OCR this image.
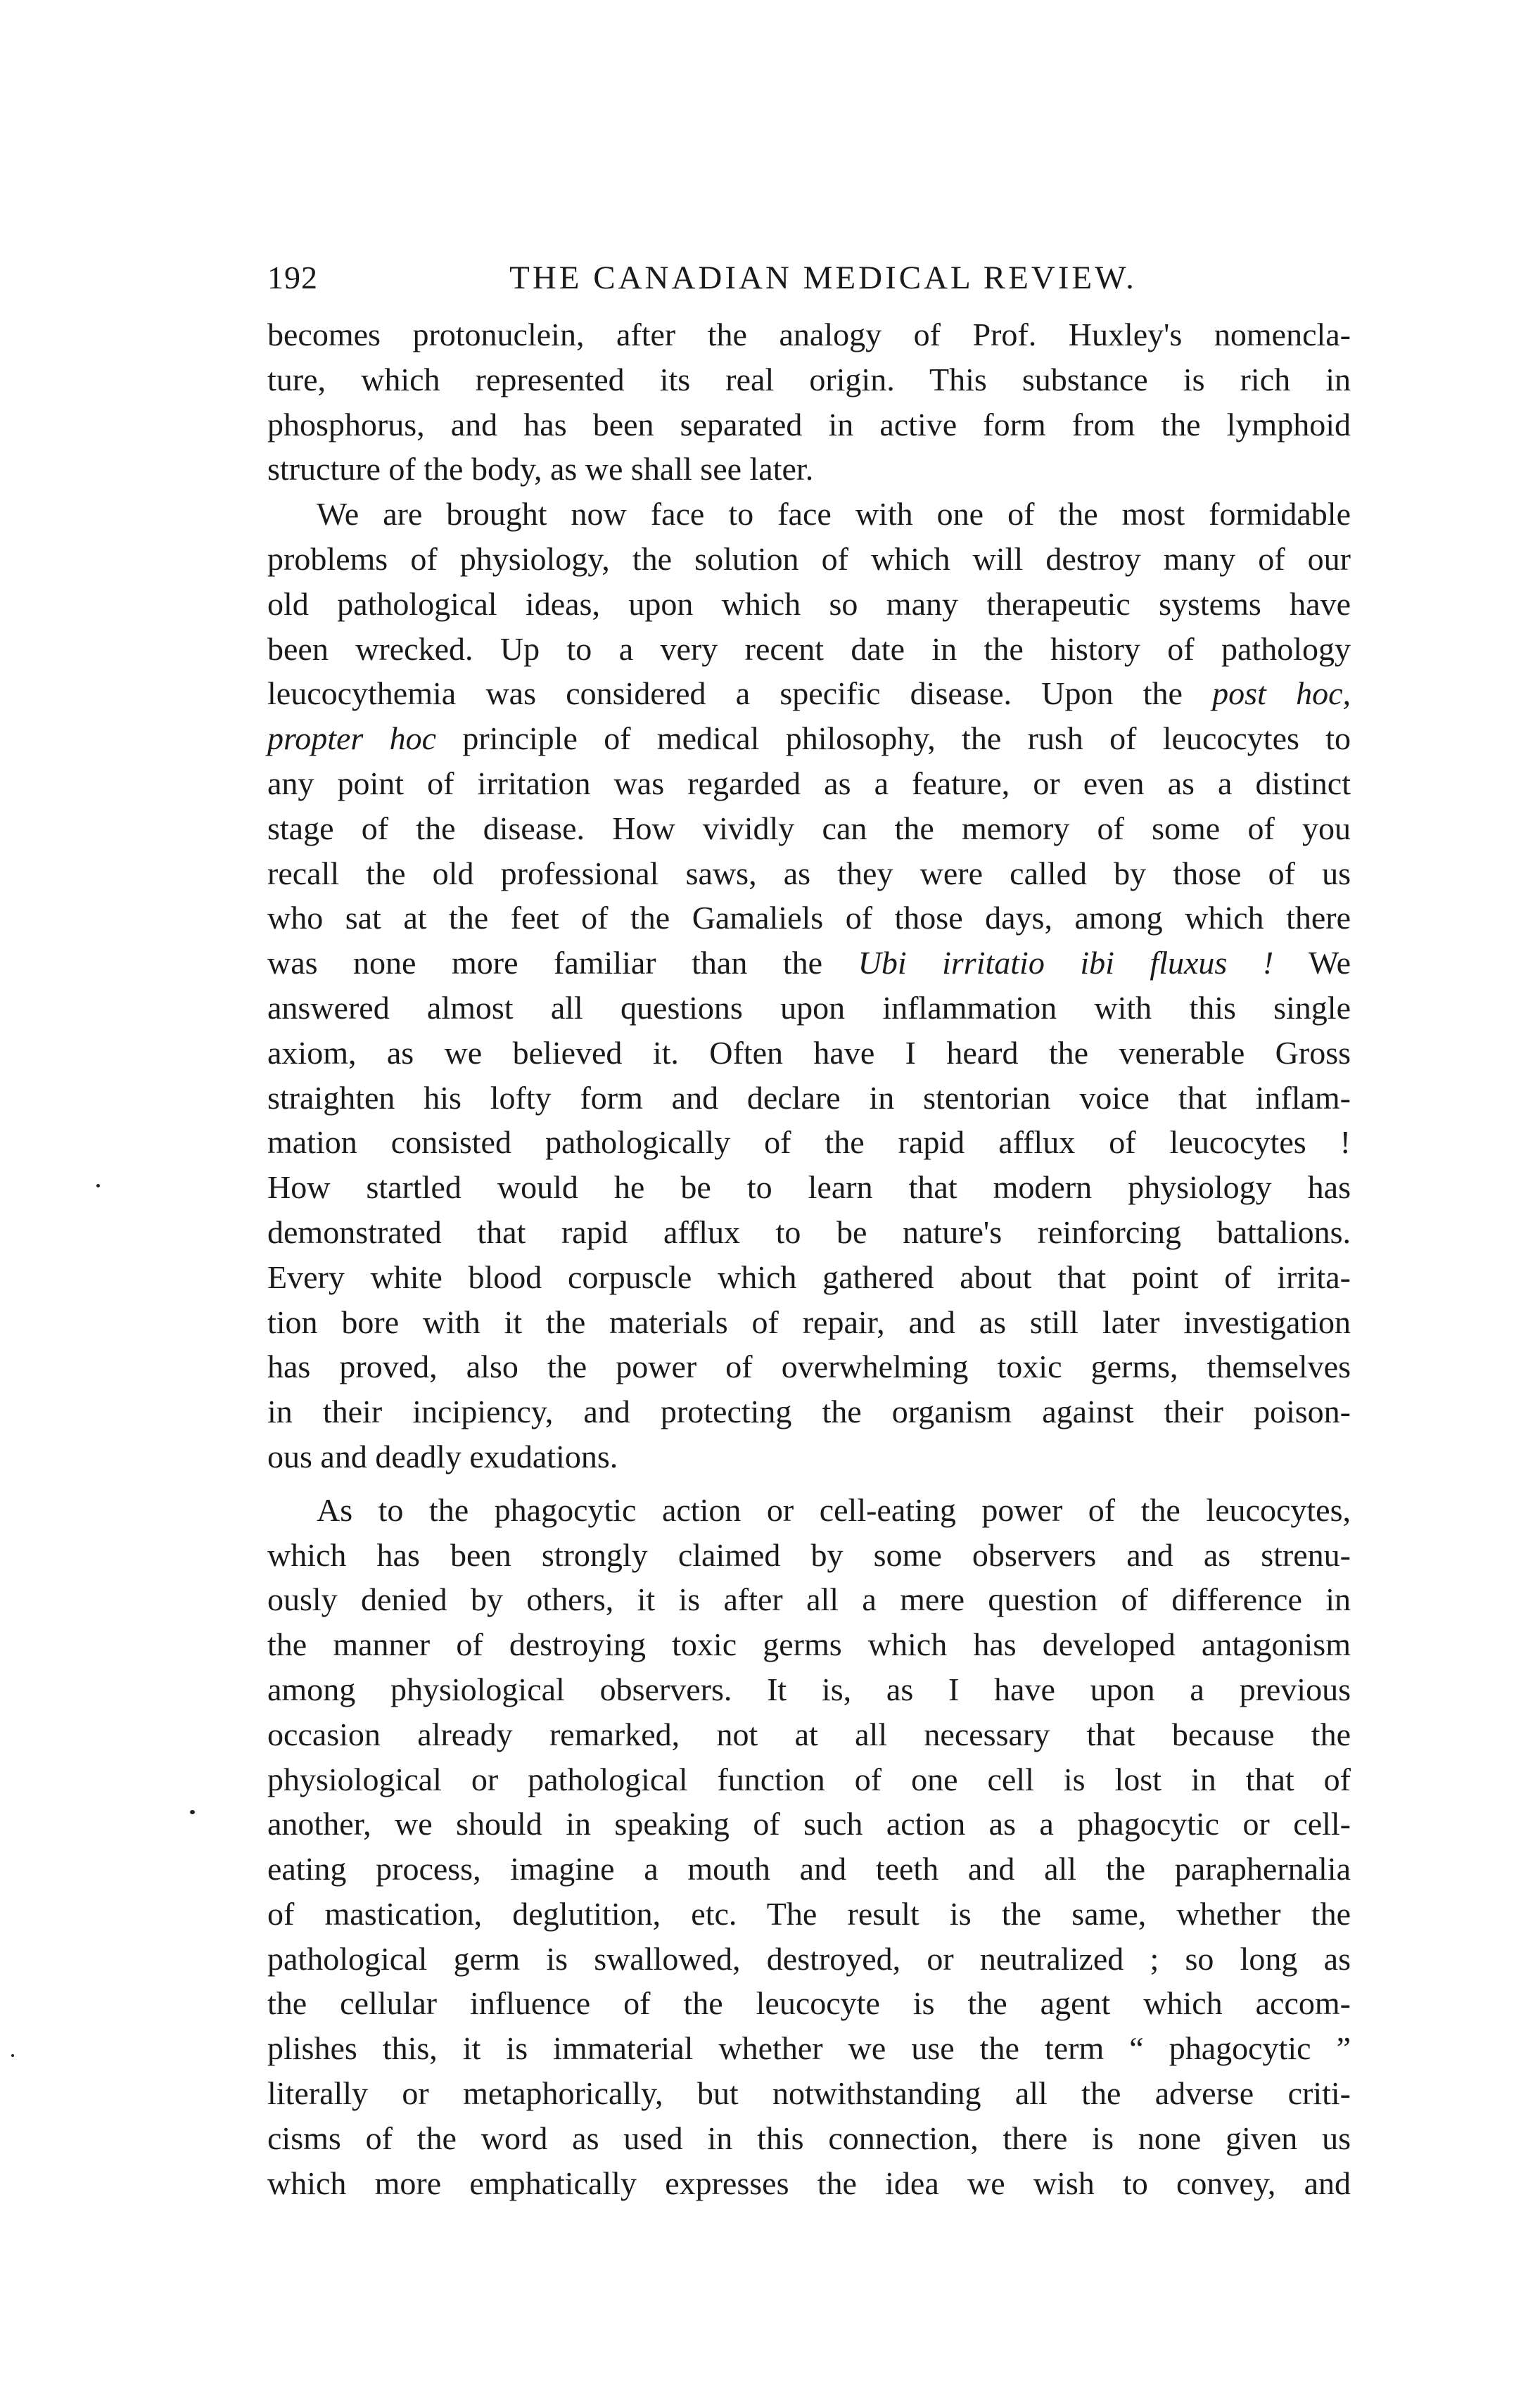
192	THE CANADIAN MEDICAL REVIEW.
becomes protonuclein, after the analogy of Prof. Huxley's nomencla-
ture, which represented its real origin. This substance is rich in
phosphorus, and has been separated in active form from the lymphoid
structure of the body, as we shall see later.
We are brought now face to face with one of the most formidable
problems of physiology, the solution of which will destroy many of our
old pathological ideas, upon which so many therapeutic systems have
been wrecked. Up to a very recent date in the history of pathology
leucocythemia was considered a specific disease. Upon the post hoc,
propter hoc principle of medical philosophy, the rush of leucocytes to
any point of irritation was regarded as a feature, or even as a distinct
stage of the disease. How vividly can the memory of some of you
recall the old professional saws, as they were called by those of us
who sat at the feet of the Gamaliels of those days, among which there
was none more familiar than the Ubi irritatio ibi fluxus ! We
answered almost all questions upon inflammation with this single
axiom, as we believed it. Often have I heard the venerable Gross
straighten his lofty form and declare in stentorian voice that inflam-
mation consisted pathologically of the rapid afflux of leucocytes !
How startled would he be to learn that modern physiology has
demonstrated that rapid afflux to be nature's reinforcing battalions.
Every white blood corpuscle which gathered about that point of irrita-
tion bore with it the materials of repair, and as still later investigation
has proved, also the power of overwhelming toxic germs, themselves
in their incipiency, and protecting the organism against their poison-
ous and deadly exudations.
As to the phagocytic action or cell-eating power of the leucocytes,
which has been strongly claimed by some observers and as strenu-
ously denied by others, it is after all a mere question of difference in
the manner of destroying toxic germs which has developed antagonism
among physiological observers. It is, as I have upon a previous
occasion already remarked, not at all necessary that because the
physiological or pathological function of one cell is lost in that of
another, we should in speaking of such action as a phagocytic or cell-
eating process, imagine a mouth and teeth and all the paraphernalia
of mastication, deglutition, etc. The result is the same, whether the
pathological germ is swallowed, destroyed, or neutralized ; so long as
the cellular influence of the leucocyte is the agent which accom-
plishes this, it is immaterial whether we use the term “ phagocytic ”
literally or metaphorically, but notwithstanding all the adverse criti-
cisms of the word as used in this connection, there is none given us
which more emphatically expresses the idea we wish to convey, and
